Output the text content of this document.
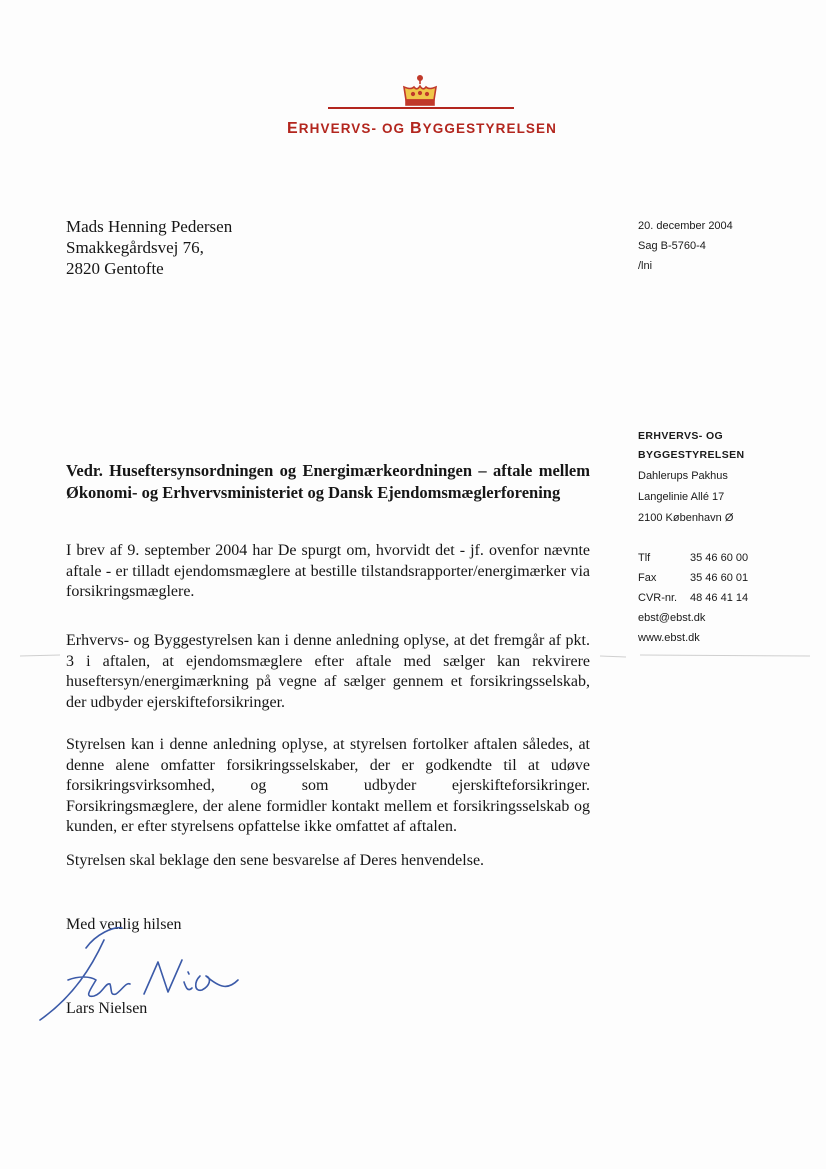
ERHVERVS- OG BYGGESTYRELSEN
Mads Henning Pedersen
Smakkegårdsvej 76,
2820 Gentofte
20. december 2004
Sag B-5760-4
/lni
ERHVERVS- OG
BYGGESTYRELSEN
Dahlerups Pakhus
Langelinie Allé 17
2100 København Ø
Tlf	35 46 60 00
Fax	35 46 60 01
CVR-nr.	48 46 41 14
ebst@ebst.dk
www.ebst.dk
Vedr. Huseftersynsordningen og Energimærkeordningen – aftale mellem Økonomi- og Erhvervsministeriet og Dansk Ejendomsmæglerforening
I brev af 9. september 2004 har De spurgt om, hvorvidt det - jf. ovenfor nævnte aftale - er tilladt ejendomsmæglere at bestille tilstandsrapporter/energimærker via forsikringsmæglere.
Erhvervs- og Byggestyrelsen kan i denne anledning oplyse, at det fremgår af pkt. 3 i aftalen, at ejendomsmæglere efter aftale med sælger kan rekvirere huseftersyn/energimærkning på vegne af sælger gennem et forsikringsselskab, der udbyder ejerskifteforsikringer.
Styrelsen kan i denne anledning oplyse, at styrelsen fortolker aftalen således, at denne alene omfatter forsikringsselskaber, der er godkendte til at udøve forsikringsvirksomhed, og som udbyder ejerskifteforsikringer. Forsikringsmæglere, der alene formidler kontakt mellem et forsikringsselskab og kunden, er efter styrelsens opfattelse ikke omfattet af aftalen.
Styrelsen skal beklage den sene besvarelse af Deres henvendelse.
Med venlig hilsen
Lars Nielsen
